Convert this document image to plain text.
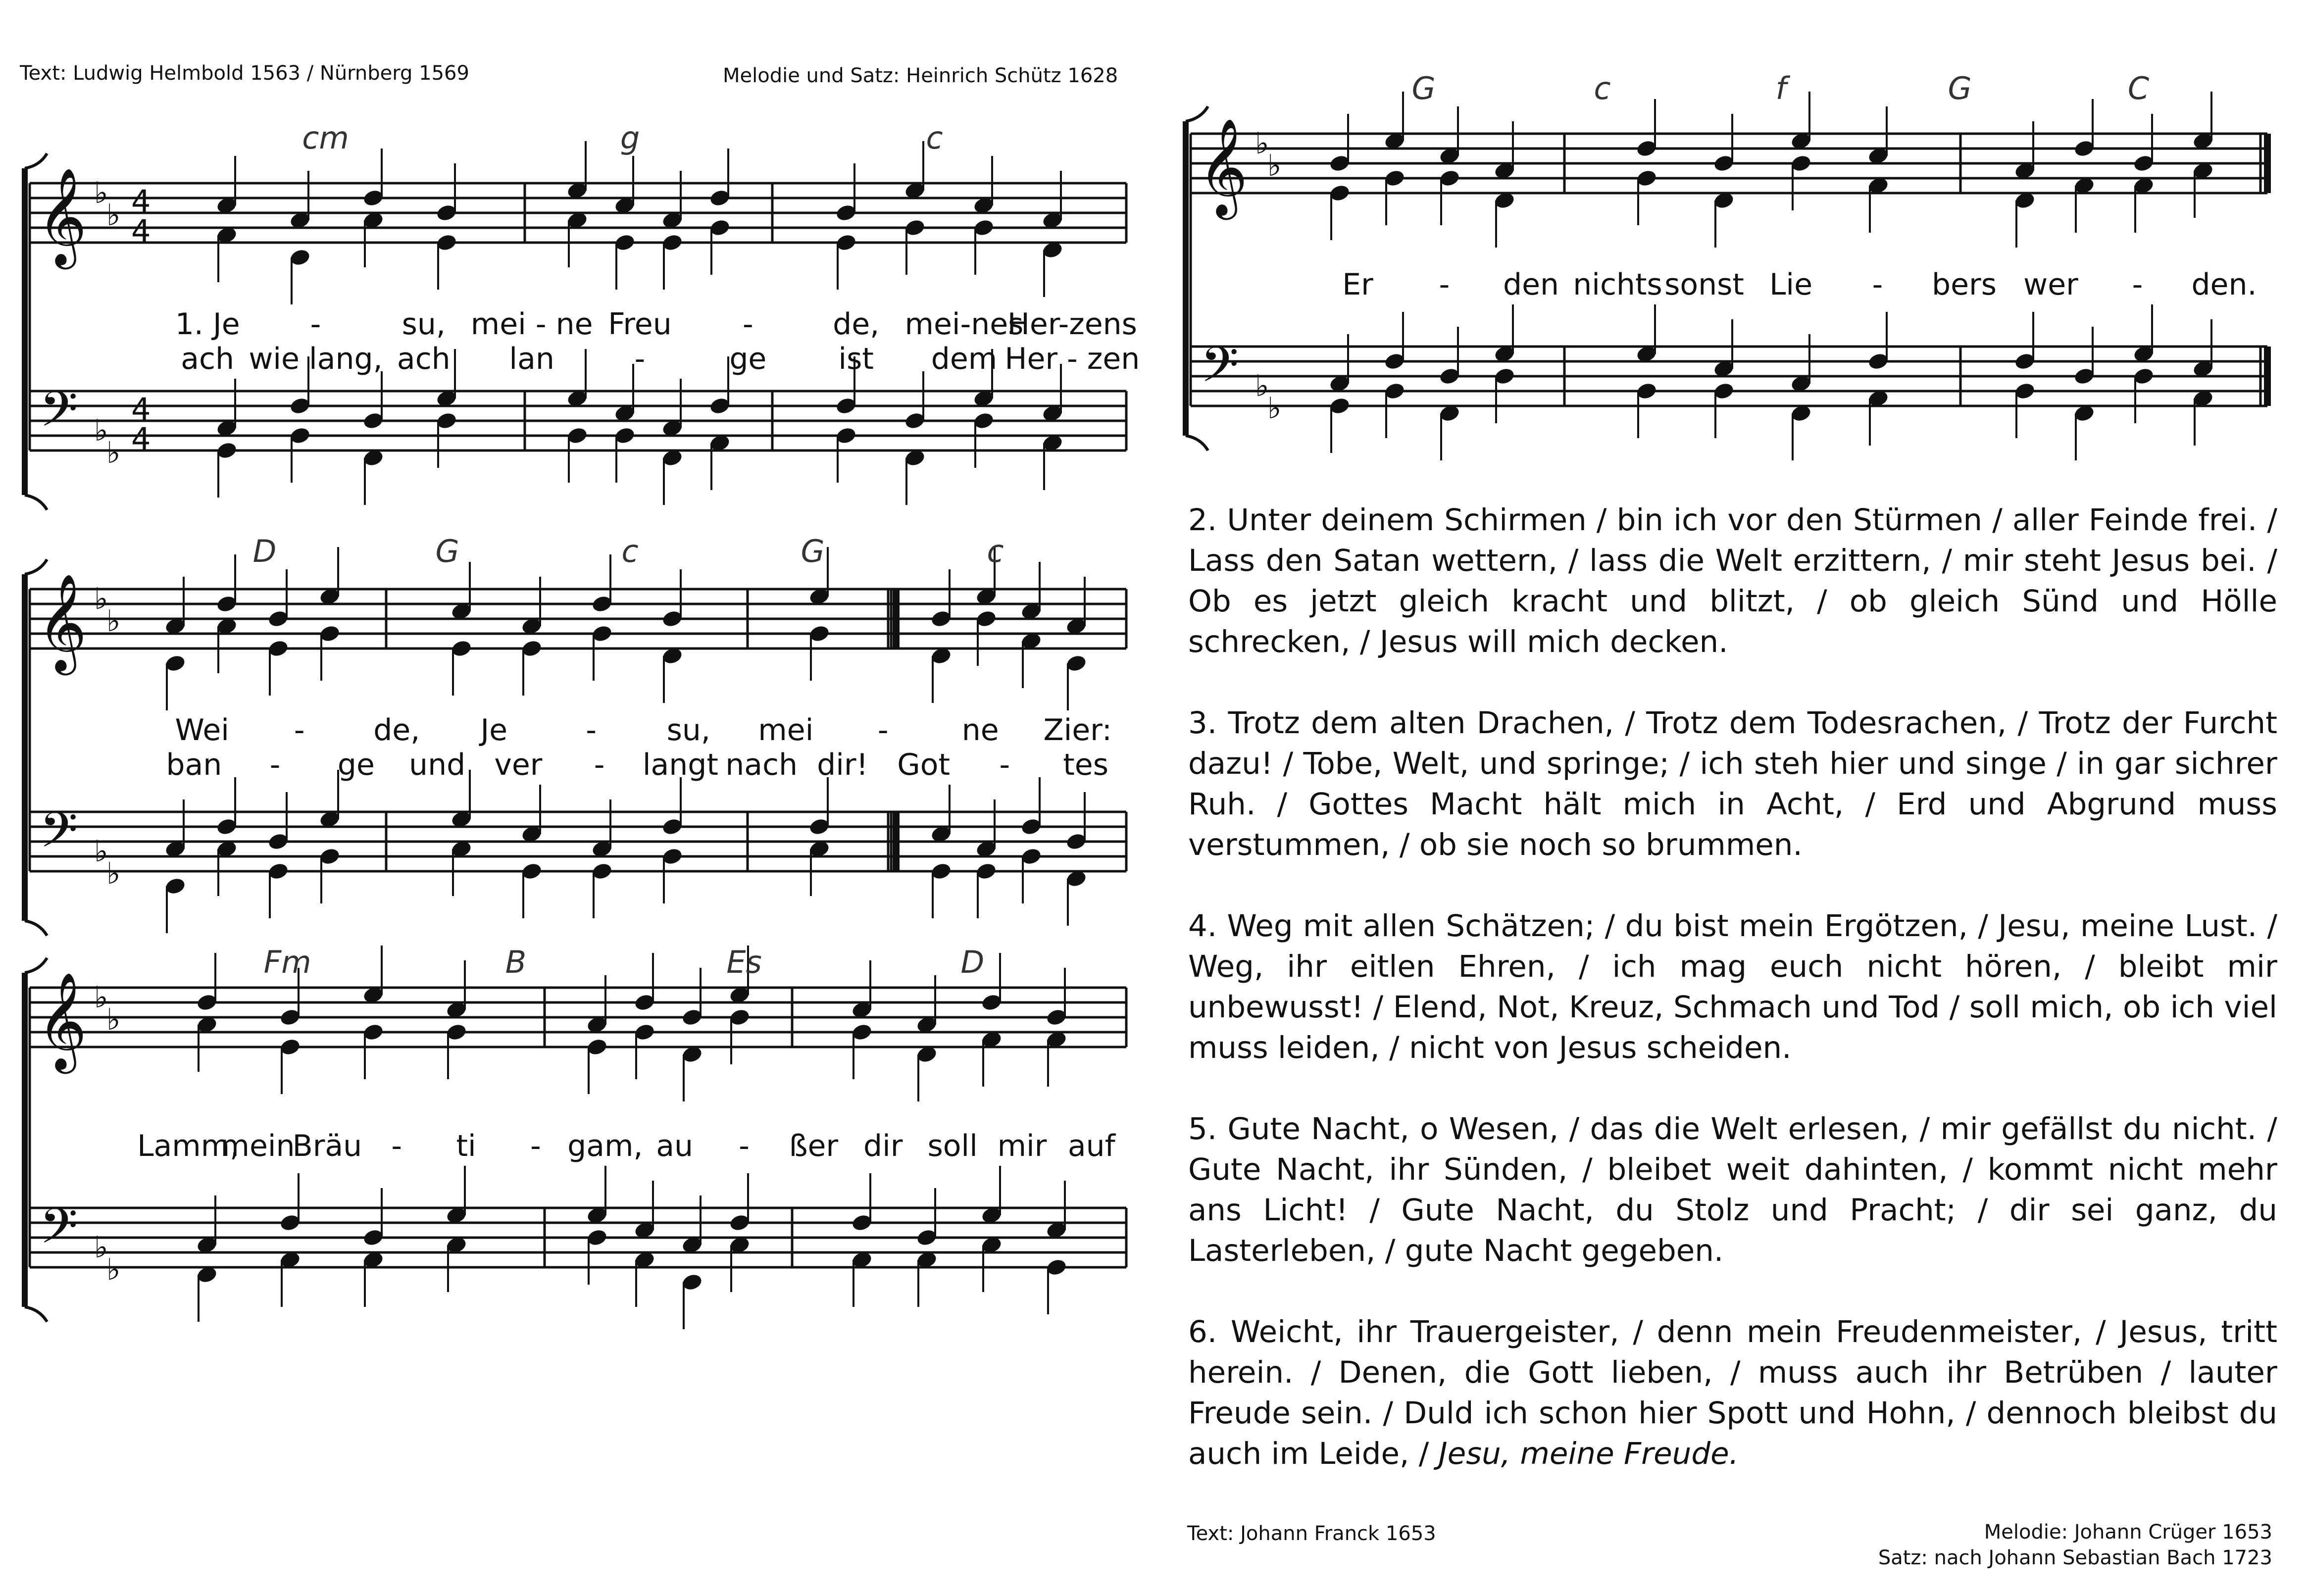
Text: Ludwig Helmbold 1563 / Nürnberg 1569	Melodie und Satz: Heinrich Schütz 1628
Text: Johann Franck 1653	Melodie: Johann Crüger 1653
Satz: nach Johann Sebastian Bach 1723
𝄞
𝄢
♭
♭
♭
♭
4
4
4
4
cm	g	c
1. Je -	su, mei - ne Freu -	de, mei-nes
Her-zens
ach wie lang, ach lan	-	ge ist dem Her - zen
𝄞
𝄢
♭
♭
♭
♭
D	G	c	G	c
Wei - de, Je	- su, mei - ne Zier:
ban - ge und ver - langt nach dir! Got - tes
𝄞
𝄢
♭
♭
♭
♭
Fm	B	Es	D
Lamm,
mein
Bräu - ti - gam, au - ßer dir soll mir auf
𝄞
𝄢
♭
♭
♭
♭
G	c	f	G	C
Er - den nichts sonst Lie - bers wer - den.

2. Unter deinem Schirmen / bin ich vor den Stürmen / aller Feinde frei. / Lass den Satan wettern, / lass die Welt erzittern, / mir steht Jesus bei. / Ob es jetzt gleich kracht und blitzt, / ob gleich Sünd und Hölle schrecken, / Jesus will mich decken.

3. Trotz dem alten Drachen, / Trotz dem Todesrachen, / Trotz der Furcht dazu! / Tobe, Welt, und springe; / ich steh hier und singe / in gar sichrer Ruh. / Gottes Macht hält mich in Acht, / Erd und Abgrund muss verstummen, / ob sie noch so brummen.

4. Weg mit allen Schätzen; / du bist mein Ergötzen, / Jesu, meine Lust. / Weg, ihr eitlen Ehren, / ich mag euch nicht hören, / bleibt mir unbewusst! / Elend, Not, Kreuz, Schmach und Tod / soll mich, ob ich viel muss leiden, / nicht von Jesus scheiden.

5. Gute Nacht, o Wesen, / das die Welt erlesen, / mir gefällst du nicht. / Gute Nacht, ihr Sünden, / bleibet weit dahinten, / kommt nicht mehr ans Licht! / Gute Nacht, du Stolz und Pracht; / dir sei ganz, du Lasterleben, / gute Nacht gegeben.

6. Weicht, ihr Trauergeister, / denn mein Freudenmeister, / Jesus, tritt herein. / Denen, die Gott lieben, / muss auch ihr Betrüben / lauter Freude sein. / Duld ich schon hier Spott und Hohn, / dennoch bleibst du auch im Leide, / Jesu, meine Freude.
